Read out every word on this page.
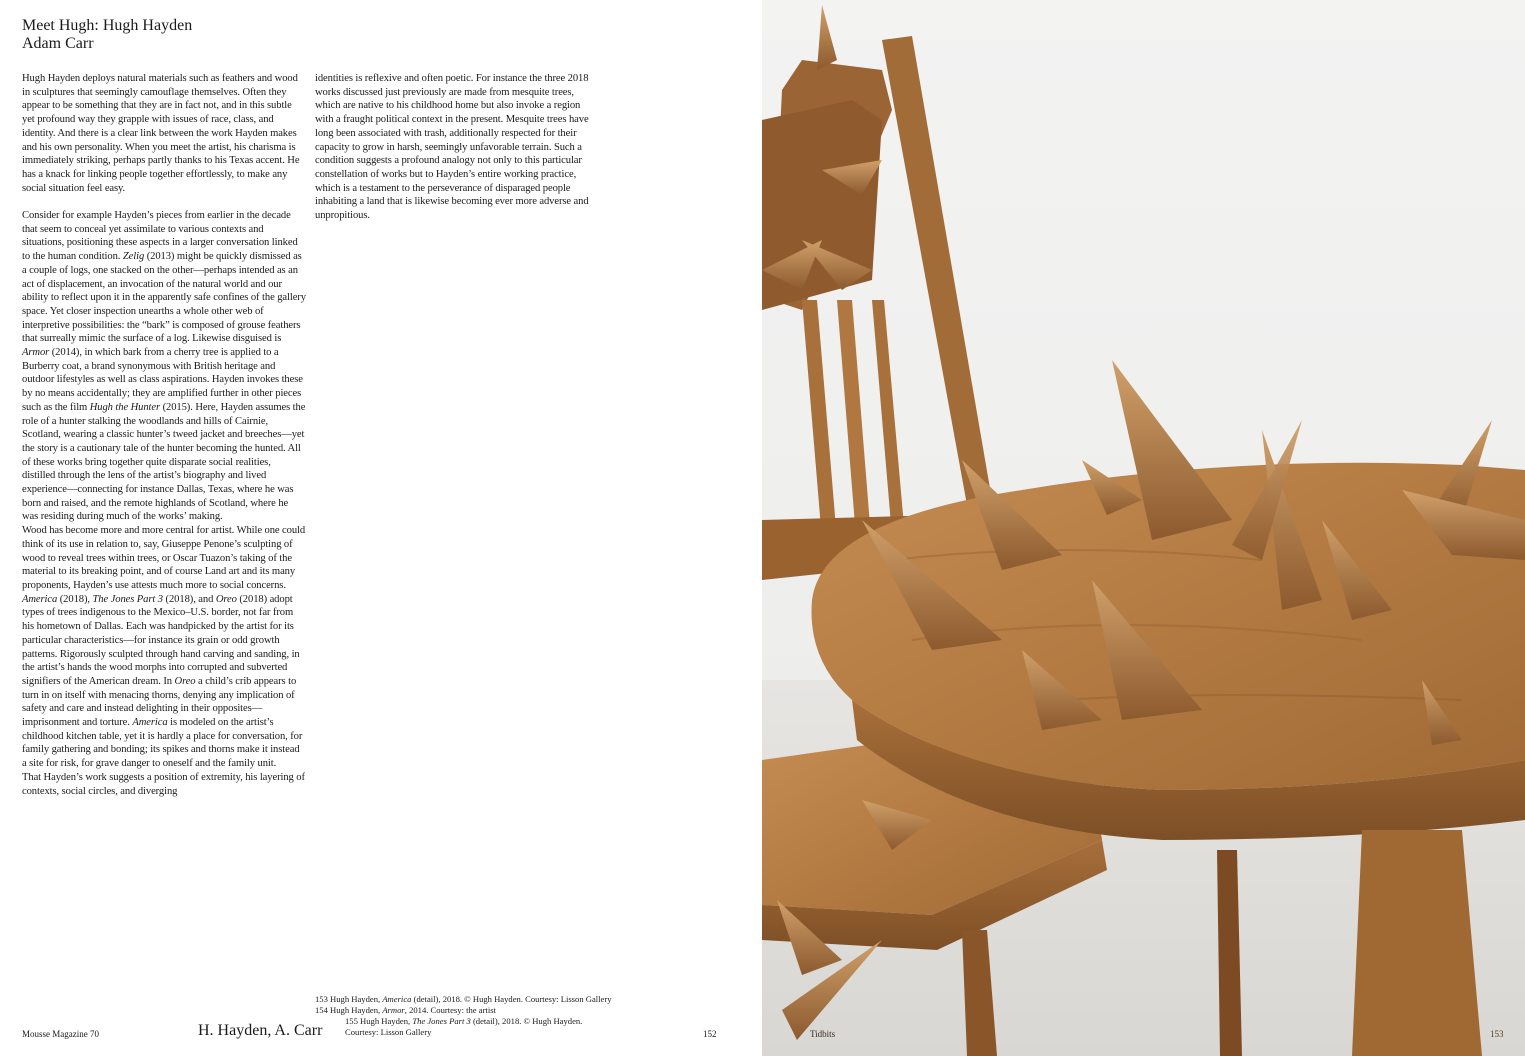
Meet Hugh: Hugh Hayden
Adam Carr

Hugh Hayden deploys natural materials such as feathers and wood in sculptures that seemingly camouflage themselves. Often they appear to be something that they are in fact not, and in this subtle yet profound way they grapple with issues of race, class, and identity. And there is a clear link between the work Hayden makes and his own personality. When you meet the artist, his charisma is immediately striking, perhaps partly thanks to his Texas accent. He has a knack for linking people together effortlessly, to make any social situation feel easy.

Consider for example Hayden’s pieces from earlier in the decade that seem to conceal yet assimilate to various contexts and situations, positioning these aspects in a larger conversation linked to the human condition. Zelig (2013) might be quickly dismissed as a couple of logs, one stacked on the other—perhaps intended as an act of displacement, an invocation of the natural world and our ability to reflect upon it in the apparently safe confines of the gallery space. Yet closer inspection unearths a whole other web of interpretive possibilities: the “bark” is composed of grouse feathers that surreally mimic the surface of a log. Likewise disguised is Armor (2014), in which bark from a cherry tree is applied to a Burberry coat, a brand synonymous with British heritage and outdoor lifestyles as well as class aspirations. Hayden invokes these by no means accidentally; they are amplified further in other pieces such as the film Hugh the Hunter (2015). Here, Hayden assumes the role of a hunter stalking the woodlands and hills of Cairnie, Scotland, wearing a classic hunter’s tweed jacket and breeches—yet the story is a cautionary tale of the hunter becoming the hunted. All of these works bring together quite disparate social realities, distilled through the lens of the artist’s biography and lived experience—connecting for instance Dallas, Texas, where he was born and raised, and the remote highlands of Scotland, where he was residing during much of the works’ making.

Wood has become more and more central for artist. While one could think of its use in relation to, say, Giuseppe Penone’s sculpting of wood to reveal trees within trees, or Oscar Tuazon’s taking of the material to its breaking point, and of course Land art and its many proponents, Hayden’s use attests much more to social concerns. America (2018), The Jones Part 3 (2018), and Oreo (2018) adopt types of trees indigenous to the Mexico–U.S. border, not far from his hometown of Dallas. Each was handpicked by the artist for its particular characteristics—for instance its grain or odd growth patterns. Rigorously sculpted through hand carving and sanding, in the artist’s hands the wood morphs into corrupted and subverted signifiers of the American dream. In Oreo a child’s crib appears to turn in on itself with menacing thorns, denying any implication of safety and care and instead delighting in their opposites—imprisonment and torture. America is modeled on the artist’s childhood kitchen table, yet it is hardly a place for conversation, for family gathering and bonding; its spikes and thorns make it instead a site for risk, for grave danger to oneself and the family unit.

That Hayden’s work suggests a position of extremity, his layering of contexts, social circles, and diverging

identities is reflexive and often poetic. For instance the three 2018 works discussed just previously are made from mesquite trees, which are native to his childhood home but also invoke a region with a fraught political context in the present. Mesquite trees have long been associated with trash, additionally respected for their capacity to grow in harsh, seemingly unfavorable terrain. Such a condition suggests a profound analogy not only to this particular constellation of works but to Hayden’s entire working practice, which is a testament to the perseverance of disparaged people inhabiting a land that is likewise becoming ever more adverse and unpropitious.

153 Hugh Hayden, America (detail), 2018. © Hugh Hayden. Courtesy: Lisson Gallery
154 Hugh Hayden, Armor, 2014. Courtesy: the artist
155 Hugh Hayden, The Jones Part 3 (detail), 2018. © Hugh Hayden.
Courtesy: Lisson Gallery
Mousse Magazine 70	H. Hayden, A. Carr	152	Tidbits	153
